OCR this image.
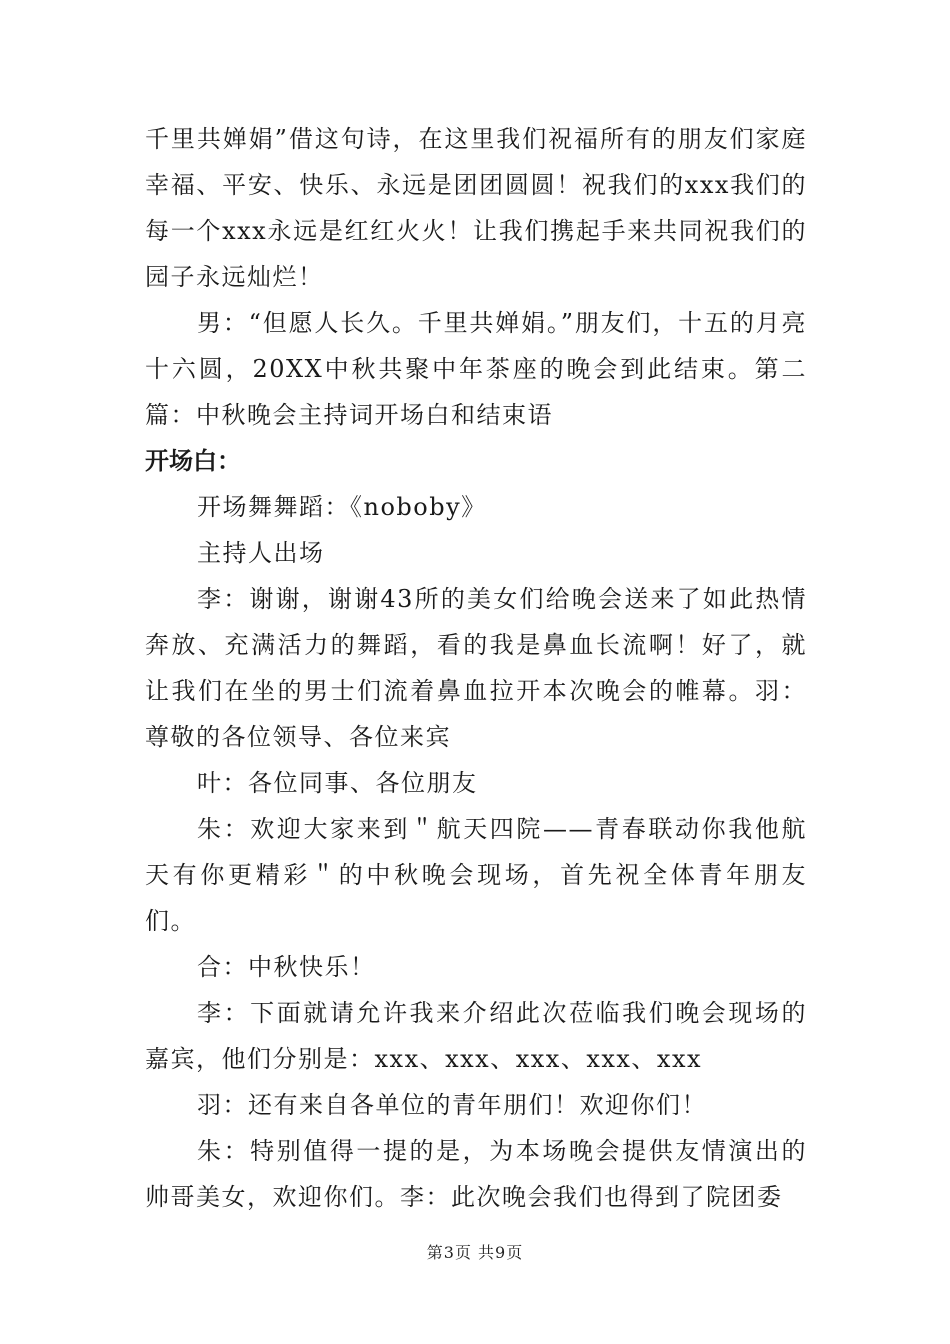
千里共婵娟”借这句诗，在这里我们祝福所有的朋友们家庭幸福、平安、快乐、永远是团团圆圆！祝我们的xxx我们的每一个xxx永远是红红火火！让我们携起手来共同祝我们的园子永远灿烂！

男：“但愿人长久。千里共婵娟。”朋友们，十五的月亮十六圆，20XX中秋共聚中年茶座的晚会到此结束。第二篇：中秋晚会主持词开场白和结束语

开场白：

开场舞舞蹈：《noboby》

主持人出场

李：谢谢，谢谢43所的美女们给晚会送来了如此热情奔放、充满活力的舞蹈，看的我是鼻血长流啊！好了，就让我们在坐的男士们流着鼻血拉开本次晚会的帷幕。羽：尊敬的各位领导、各位来宾

叶：各位同事、各位朋友

朱：欢迎大家来到＂航天四院——青春联动你我他航天有你更精彩＂的中秋晚会现场，首先祝全体青年朋友们。

合：中秋快乐！

李：下面就请允许我来介绍此次莅临我们晚会现场的嘉宾，他们分别是：xxx、xxx、xxx、xxx、xxx

羽：还有来自各单位的青年朋们！欢迎你们！

朱：特别值得一提的是，为本场晚会提供友情演出的帅哥美女，欢迎你们。李：此次晚会我们也得到了院团委

第3页 共9页
